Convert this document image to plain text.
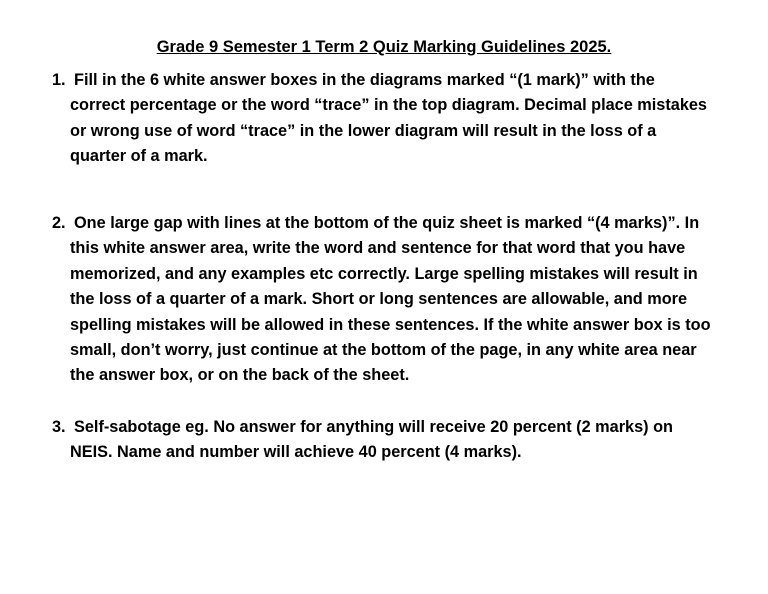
Grade 9 Semester 1 Term 2 Quiz Marking Guidelines 2025.
1. Fill in the 6 white answer boxes in the diagrams marked “(1 mark)” with the
correct percentage or the word “trace” in the top diagram. Decimal place mistakes
or wrong use of word “trace” in the lower diagram will result in the loss of a
quarter of a mark.
2. One large gap with lines at the bottom of the quiz sheet is marked “(4 marks)”. In
this white answer area, write the word and sentence for that word that you have
memorized, and any examples etc correctly. Large spelling mistakes will result in
the loss of a quarter of a mark. Short or long sentences are allowable, and more
spelling mistakes will be allowed in these sentences. If the white answer box is too
small, don’t worry, just continue at the bottom of the page, in any white area near
the answer box, or on the back of the sheet.
3. Self-sabotage eg. No answer for anything will receive 20 percent (2 marks) on
NEIS. Name and number will achieve 40 percent (4 marks).
